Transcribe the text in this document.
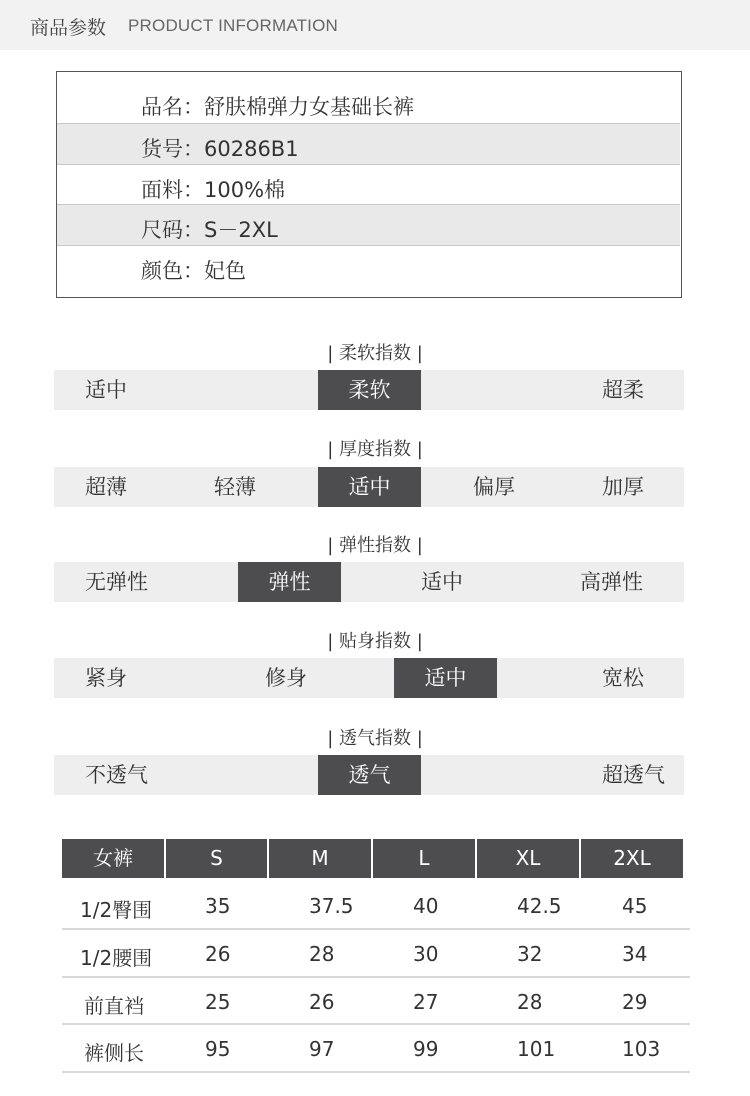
商品参数 PRODUCT INFORMATION
品名：舒肤棉弹力女基础长裤
货号：60286B1
面料：100%棉
尺码：S－2XL
颜色：妃色
| 柔软指数 |
适中	柔软	超柔
| 厚度指数 |
超薄	轻薄	适中	偏厚	加厚
| 弹性指数 |
无弹性	弹性	适中	高弹性
| 贴身指数 |
紧身	修身	适中	宽松
| 透气指数 |
不透气	透气	超透气
女裤	S	M	L	XL	2XL
1/2臀围	35	37.5	40	42.5	45
1/2腰围	26	28	30	32	34
前直裆	25	26	27	28	29
裤侧长	95	97	99	101	103
